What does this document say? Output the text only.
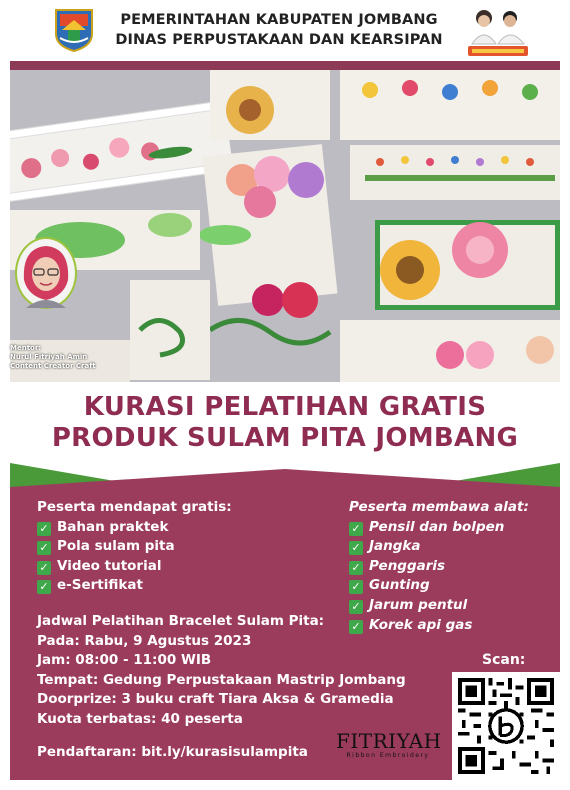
PEMERINTAHAN KABUPATEN JOMBANG
DINAS PERPUSTAKAAN DAN KEARSIPAN
Mentor:
Nurul Fitriyah Amin
Content Creator Craft
KURASI PELATIHAN GRATIS
PRODUK SULAM PITA JOMBANG
Peserta mendapat gratis:
✓ Bahan praktek
✓ Pola sulam pita
✓ Video tutorial
✓ e-Sertifikat
Peserta membawa alat:
✓ Pensil dan bolpen
✓ Jangka
✓ Penggaris
✓ Gunting
✓ Jarum pentul
✓ Korek api gas
Jadwal Pelatihan Bracelet Sulam Pita:
Pada: Rabu, 9 Agustus 2023
Jam: 08:00 - 11:00 WIB
Tempat: Gedung Perpustakaan Mastrip Jombang
Doorprize: 3 buku craft Tiara Aksa & Gramedia
Kuota terbatas: 40 peserta
Pendaftaran: bit.ly/kurasisulampita FITRIYAH
Ribbon Embroidery
Scan:
